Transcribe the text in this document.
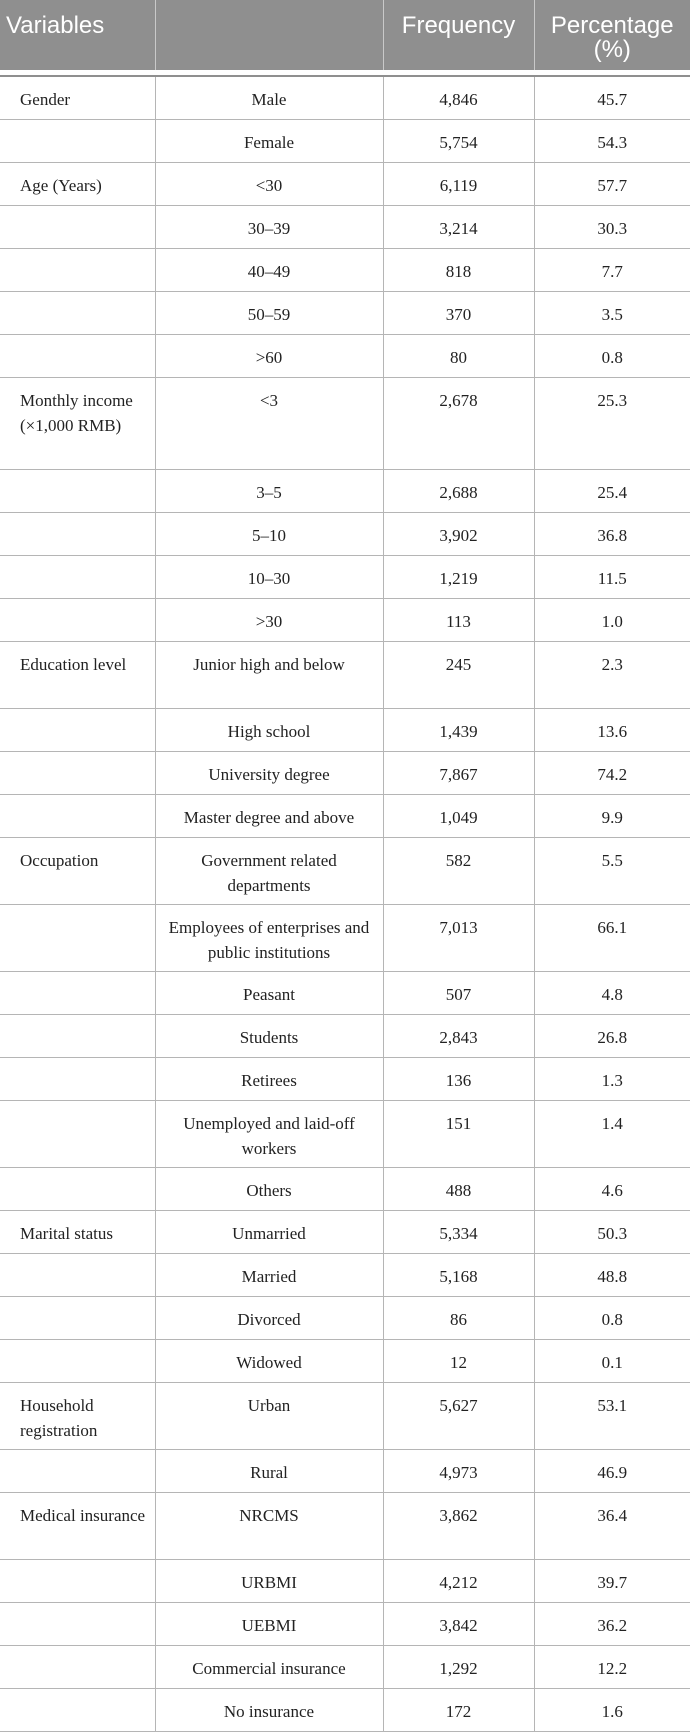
Variables		Frequency	Percentage (%)

Gender	Male	4,846	45.7
	Female	5,754	54.3
Age (Years)	<30	6,119	57.7
	30–39	3,214	30.3
	40–49	818	7.7
	50–59	370	3.5
	>60	80	0.8
Monthly income (×1,000 RMB)	<3	2,678	25.3
	3–5	2,688	25.4
	5–10	3,902	36.8
	10–30	1,219	11.5
	>30	113	1.0
Education level	Junior high and below	245	2.3
	High school	1,439	13.6
	University degree	7,867	74.2
	Master degree and above	1,049	9.9
Occupation	Government related departments	582	5.5
	Employees of enterprises and public institutions	7,013	66.1
	Peasant	507	4.8
	Students	2,843	26.8
	Retirees	136	1.3
	Unemployed and laid-off workers	151	1.4
	Others	488	4.6
Marital status	Unmarried	5,334	50.3
	Married	5,168	48.8
	Divorced	86	0.8
	Widowed	12	0.1
Household registration	Urban	5,627	53.1
	Rural	4,973	46.9
Medical insurance	NRCMS	3,862	36.4
	URBMI	4,212	39.7
	UEBMI	3,842	36.2
	Commercial insurance	1,292	12.2
	No insurance	172	1.6
